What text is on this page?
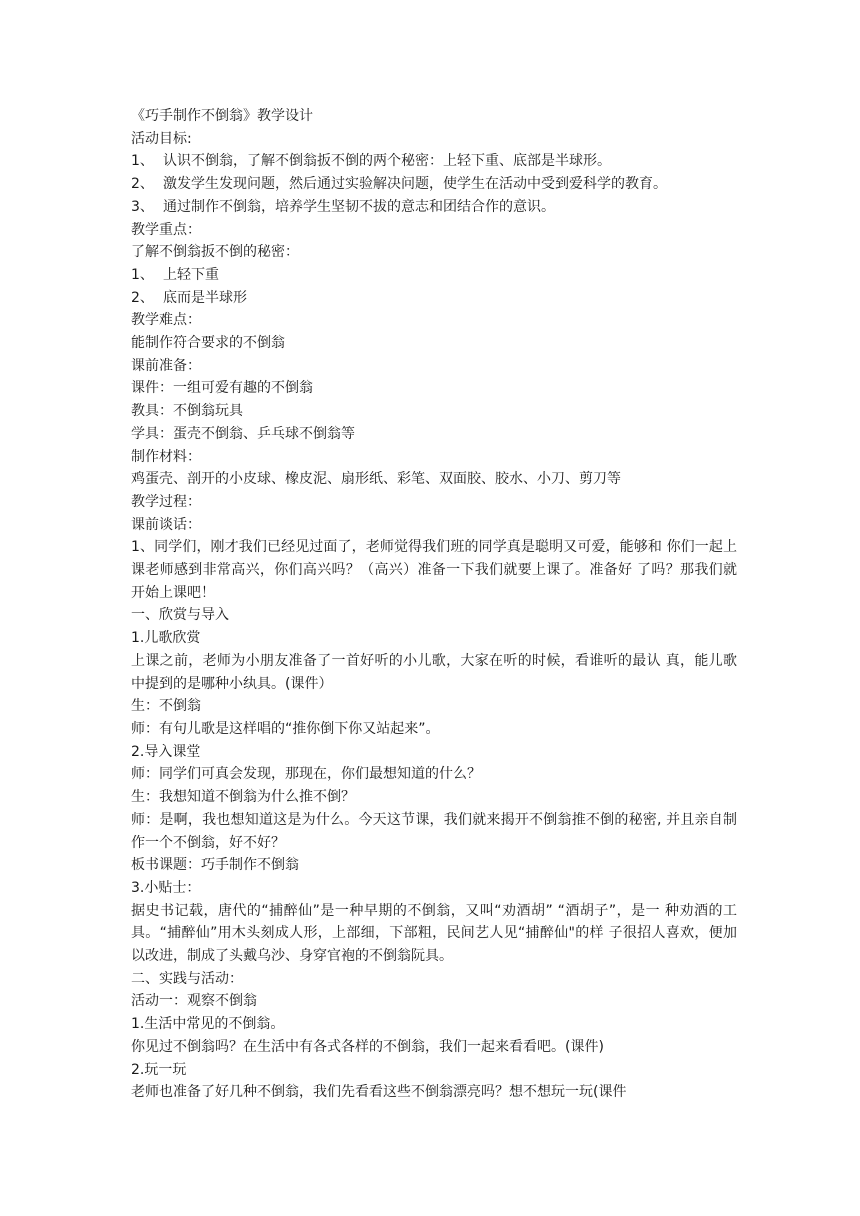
《巧手制作不倒翁》教学设计
活动目标:
1、 认识不倒翁，了解不倒翁扳不倒的两个秘密：上轻下重、底部是半球形。
2、 激发学生发现问题，然后通过实验解决问题，使学生在活动中受到爱科学的教育。
3、 通过制作不倒翁，培养学生坚韧不拔的意志和团结合作的意识。
教学重点：
了解不倒翁扳不倒的秘密：
1、 上轻下重
2、 底而是半球形
教学难点：
能制作符合要求的不倒翁
课前准备：
课件：一组可爱有趣的不倒翁
教具：不倒翁玩具
学具：蛋壳不倒翁、乒乓球不倒翁等
制作材料：
鸡蛋壳、剖开的小皮球、橡皮泥、扇形纸、彩笔、双面胶、胶水、小刀、剪刀等
教学过程：
课前谈话：
1、同学们，刚才我们已经见过面了，老师觉得我们班的同学真是聪明又可爱，能够和 你们一起上课老师感到非常高兴，你们高兴吗？（高兴）准备一下我们就要上课了。准备好 了吗？那我们就开始上课吧！
一、欣赏与导入
1.儿歌欣赏
上课之前，老师为小朋友准备了一首好听的小儿歌，大家在听的时候，看谁听的最认 真，能儿歌中提到的是哪种小纨具。(课件）
生：不倒翁
师：有句儿歌是这样唱的“推你倒下你又站起来”。
2.导入课堂
师：同学们可真会发现，那现在，你们最想知道的什么？
生：我想知道不倒翁为什么推不倒？
师：是啊，我也想知道这是为什么。今天这节课，我们就来揭开不倒翁推不倒的秘密, 并且亲自制作一个不倒翁，好不好？
板书课题：巧手制作不倒翁
3.小贴士：
据史书记载，唐代的“捕醉仙”是一种早期的不倒翁，又叫“劝酒胡” “酒胡子”，是一 种劝酒的工具。“捕醉仙”用木头刻成人形，上部细，下部粗，民间艺人见“捕醉仙"的样 子很招人喜欢，便加以改进，制成了头戴乌沙、身穿官袍的不倒翁阮具。
二、实践与活动：
活动一：观察不倒翁
1.生活中常见的不倒翁。
你见过不倒翁吗？在生活中有各式各样的不倒翁，我们一起来看看吧。(课件)
2.玩一玩
老师也准备了好几种不倒翁，我们先看看这些不倒翁漂亮吗？想不想玩一玩(课件
